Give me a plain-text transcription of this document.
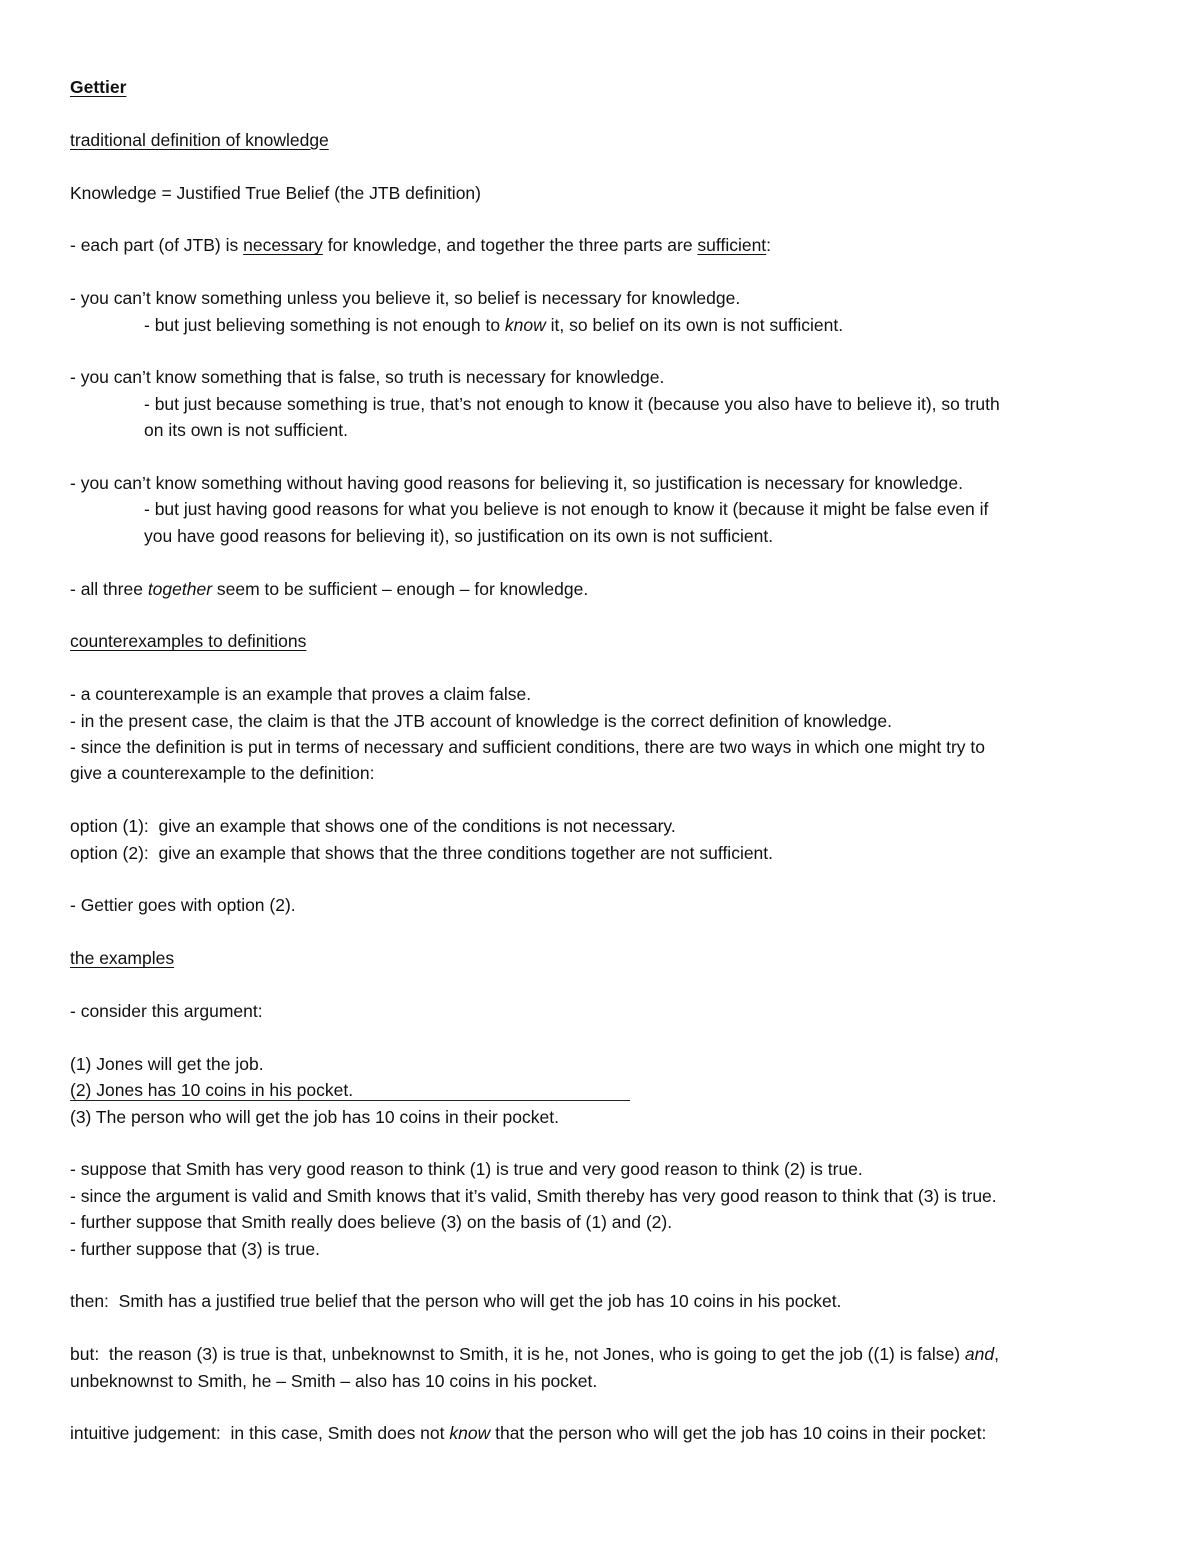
Gettier
traditional definition of knowledge
Knowledge = Justified True Belief (the JTB definition)
- each part (of JTB) is necessary for knowledge, and together the three parts are sufficient:
- you can’t know something unless you believe it, so belief is necessary for knowledge.
- but just believing something is not enough to know it, so belief on its own is not sufficient.
- you can’t know something that is false, so truth is necessary for knowledge.
- but just because something is true, that’s not enough to know it (because you also have to believe it), so truth
on its own is not sufficient.
- you can’t know something without having good reasons for believing it, so justification is necessary for knowledge.
- but just having good reasons for what you believe is not enough to know it (because it might be false even if
you have good reasons for believing it), so justification on its own is not sufficient.
- all three together seem to be sufficient – enough – for knowledge.
counterexamples to definitions
- a counterexample is an example that proves a claim false.
- in the present case, the claim is that the JTB account of knowledge is the correct definition of knowledge.
- since the definition is put in terms of necessary and sufficient conditions, there are two ways in which one might try to
give a counterexample to the definition:
option (1):  give an example that shows one of the conditions is not necessary.
option (2):  give an example that shows that the three conditions together are not sufficient.
- Gettier goes with option (2).
the examples
- consider this argument:
(1) Jones will get the job.
(2) Jones has 10 coins in his pocket.
(3) The person who will get the job has 10 coins in their pocket.
- suppose that Smith has very good reason to think (1) is true and very good reason to think (2) is true.
- since the argument is valid and Smith knows that it’s valid, Smith thereby has very good reason to think that (3) is true.
- further suppose that Smith really does believe (3) on the basis of (1) and (2).
- further suppose that (3) is true.
then:  Smith has a justified true belief that the person who will get the job has 10 coins in his pocket.
but:  the reason (3) is true is that, unbeknownst to Smith, it is he, not Jones, who is going to get the job ((1) is false) and,
unbeknownst to Smith, he – Smith – also has 10 coins in his pocket.
intuitive judgement:  in this case, Smith does not know that the person who will get the job has 10 coins in their pocket:
